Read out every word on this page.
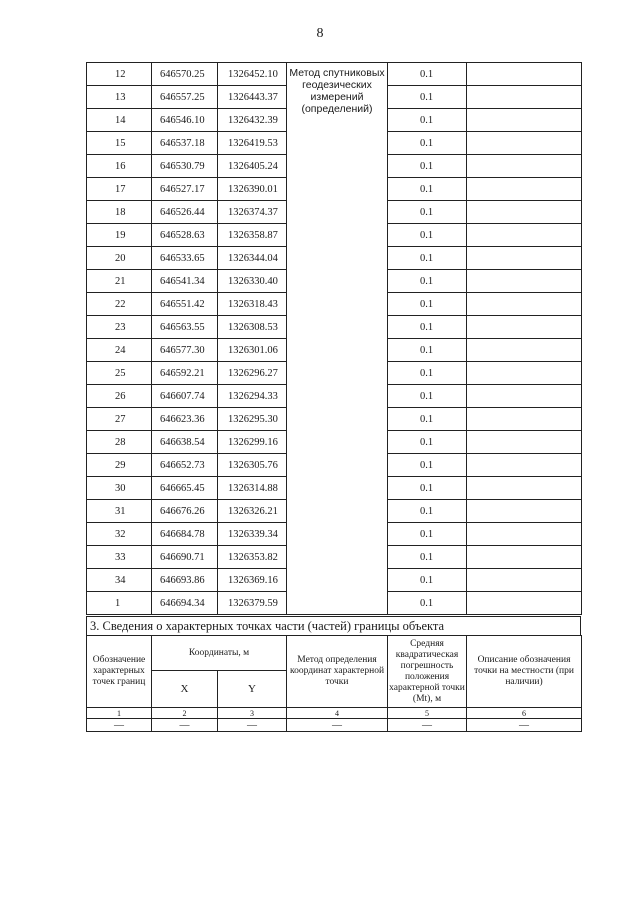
8
12	646570.25	1326452.10	Метод спутниковых геодезических измерений (определений)	0.1	
13	646557.25	1326443.37		0.1	
14	646546.10	1326432.39		0.1	
15	646537.18	1326419.53		0.1	
16	646530.79	1326405.24		0.1	
17	646527.17	1326390.01		0.1	
18	646526.44	1326374.37		0.1	
19	646528.63	1326358.87		0.1	
20	646533.65	1326344.04		0.1	
21	646541.34	1326330.40		0.1	
22	646551.42	1326318.43		0.1	
23	646563.55	1326308.53		0.1	
24	646577.30	1326301.06		0.1	
25	646592.21	1326296.27		0.1	
26	646607.74	1326294.33		0.1	
27	646623.36	1326295.30		0.1	
28	646638.54	1326299.16		0.1	
29	646652.73	1326305.76		0.1	
30	646665.45	1326314.88		0.1	
31	646676.26	1326326.21		0.1	
32	646684.78	1326339.34		0.1	
33	646690.71	1326353.82		0.1	
34	646693.86	1326369.16		0.1	
1	646694.34	1326379.59		0.1	
3. Сведения о характерных точках части (частей) границы объекта
Обозначение характерных точек границ	Координаты, м		Метод определения координат характерной точки	Средняя квадратическая погрешность положения характерной точки (Mt), м	Описание обозначения точки на местности (при наличии)
	X	Y			
1	2	3	4	5	6
—	—	—	—	—	—
